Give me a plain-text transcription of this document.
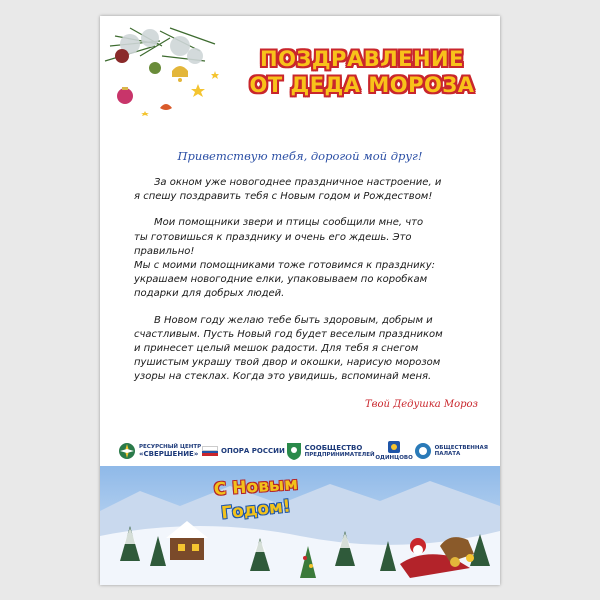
ПОЗДРАВЛЕНИЕ
ОТ ДЕДА МОРОЗА
Приветствую тебя, дорогой мой друг!

За окном уже новогоднее праздничное настроение, и

я спешу поздравить тебя с Новым годом и Рождеством!

Мои помощники звери и птицы сообщили мне, что

ты готовишься к празднику и очень его ждешь. Это

правильно!

Мы с моими помощниками тоже готовимся к празднику:

украшаем новогодние елки, упаковываем по коробкам

подарки для добрых людей.

В Новом году желаю тебе быть здоровым, добрым и

счастливым. Пусть Новый год будет веселым праздником

и принесет целый мешок радости. Для тебя я снегом

пушистым украшу твой двор и окошки, нарисую морозом

узоры на стеклах. Когда это увидишь, вспоминай меня.

Твой Дедушка Мороз
РЕСУРСНЫЙ ЦЕНТР
«СВЕРШЕНИЕ»	ОПОРА РОССИИ	СООБЩЕСТВО
ПРЕДПРИНИМАТЕЛЕЙ
ОДИНЦОВО
ОБЩЕСТВЕННАЯ
ПАЛАТА
С Новым
Годом!
